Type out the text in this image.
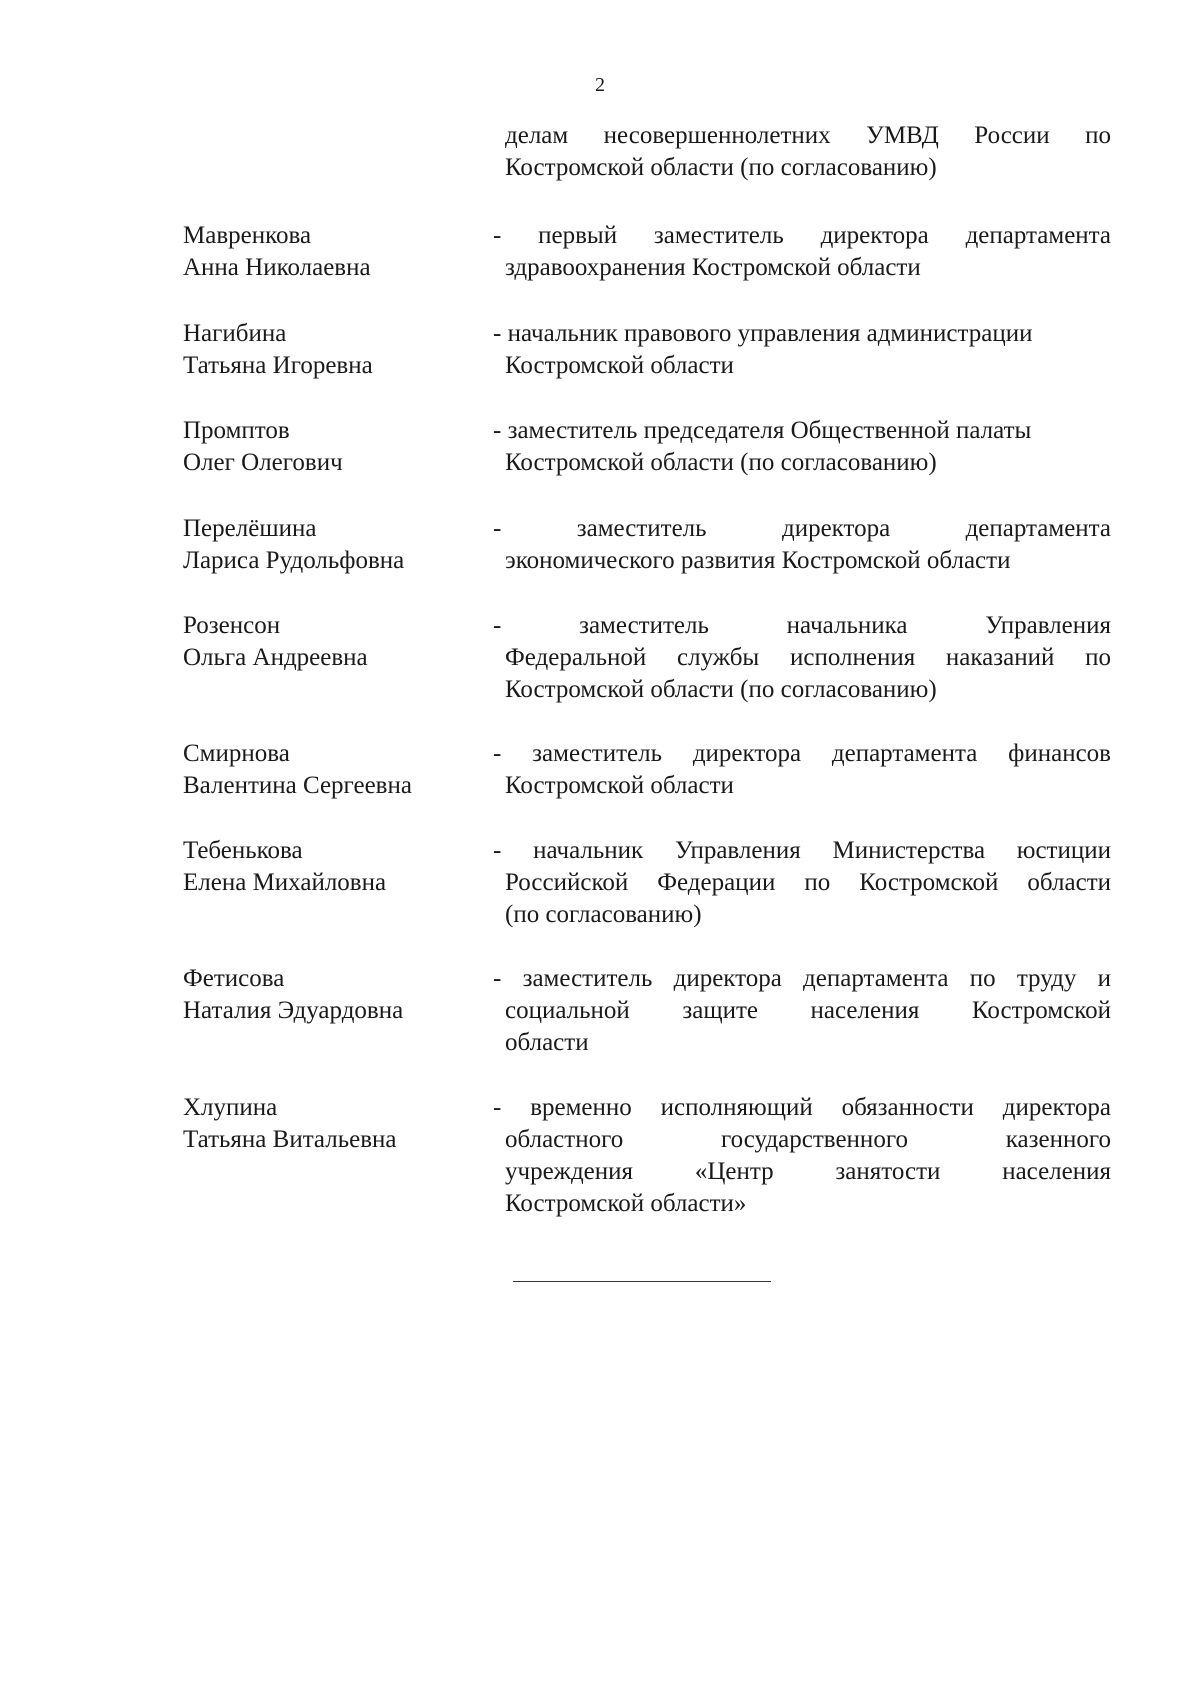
2
делам несовершеннолетних УМВД России по
Костромской области (по согласованию)
Мавренкова
Анна Николаевна
- первый заместитель директора департамента
здравоохранения Костромской области
Нагибина
Татьяна Игоревна
- начальник правового управления администрации
Костромской области
Промптов
Олег Олегович
- заместитель председателя Общественной палаты
Костромской области (по согласованию)
Перелёшина
Лариса Рудольфовна
- заместитель директора департамента
экономического развития Костромской области
Розенсон
Ольга Андреевна
- заместитель начальника Управления
Федеральной службы исполнения наказаний по
Костромской области (по согласованию)
Смирнова
Валентина Сергеевна
- заместитель директора департамента финансов
Костромской области
Тебенькова
Елена Михайловна
- начальник Управления Министерства юстиции
Российской Федерации по Костромской области
(по согласованию)
Фетисова
Наталия Эдуардовна
- заместитель директора департамента по труду и
социальной защите населения Костромской
области
Хлупина
Татьяна Витальевна
- временно исполняющий обязанности директора
областного государственного казенного
учреждения «Центр занятости населения
Костромской области»
